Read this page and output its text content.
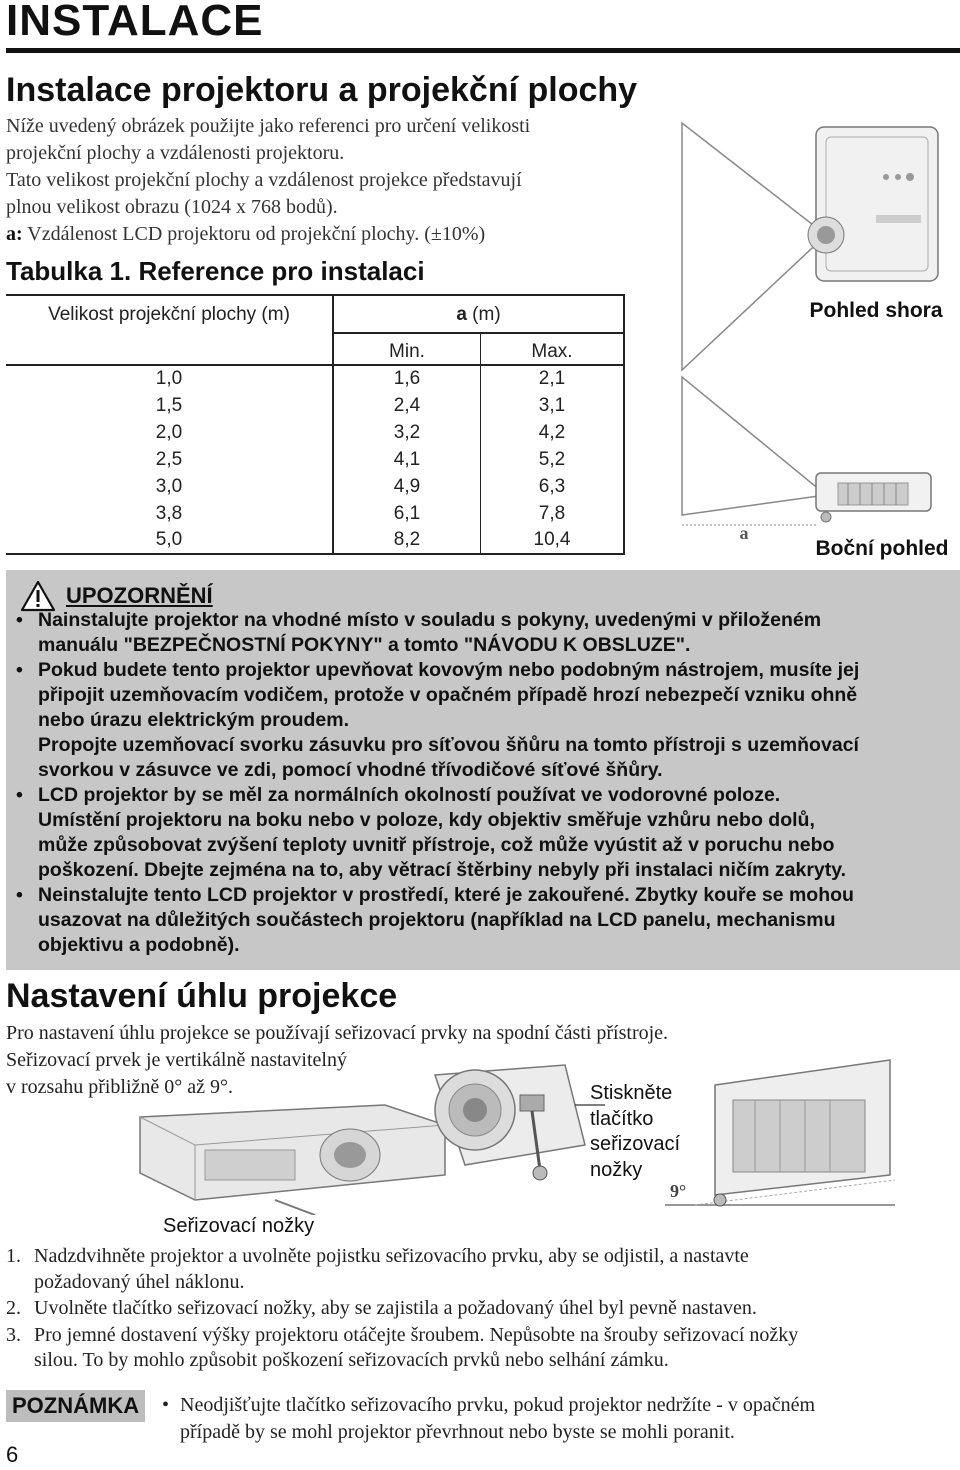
INSTALACE
Instalace projektoru a projekční plochy

Níže uvedený obrázek použijte jako referenci pro určení velikosti

projekční plochy a vzdálenosti projektoru.

Tato velikost projekční plochy a vzdálenost projekce představují

plnou velikost obrazu (1024 x 768 bodů).

a: Vzdálenost LCD projektoru od projekční plochy. (±10%)

Tabulka 1. Reference pro instalaci
Velikost projekční plochy (m)	a (m)	
	Min.	Max.
1,0	1,6	2,1
1,5	2,4	3,1
2,0	3,2	4,2
2,5	4,1	5,2
3,0	4,9	6,3
3,8	6,1	7,8
5,0	8,2	10,4
Pohled shora
a
Boční pohled
UPOZORNĚNÍ
• Nainstalujte projektor na vhodné místo v souladu s pokyny, uvedenými v přiloženém
manuálu "BEZPEČNOSTNÍ POKYNY" a tomto "NÁVODU K OBSLUZE".
• Pokud budete tento projektor upevňovat kovovým nebo podobným nástrojem, musíte jej
připojit uzemňovacím vodičem, protože v opačném případě hrozí nebezpečí vzniku ohně
nebo úrazu elektrickým proudem.
Propojte uzemňovací svorku zásuvku pro síťovou šňůru na tomto přístroji s uzemňovací
svorkou v zásuvce ve zdi, pomocí vhodné třívodičové síťové šňůry.
• LCD projektor by se měl za normálních okolností používat ve vodorovné poloze.
Umístění projektoru na boku nebo v poloze, kdy objektiv směřuje vzhůru nebo dolů,
může způsobovat zvýšení teploty uvnitř přístroje, což může vyústit až v poruchu nebo
poškození. Dbejte zejména na to, aby větrací štěrbiny nebyly při instalaci ničím zakryty.
• Neinstalujte tento LCD projektor v prostředí, které je zakouřené. Zbytky kouře se mohou
usazovat na důležitých součástech projektoru (například na LCD panelu, mechanismu
objektivu a podobně).
Nastavení úhlu projekce

Pro nastavení úhlu projekce se používají seřizovací prvky na spodní části přístroje.

Seřizovací prvek je vertikálně nastavitelný

v rozsahu přibližně 0° až 9°.

9°
Stiskněte
tlačítko
seřizovací
nožky
Seřizovací nožky
1. Nadzdvihněte projektor a uvolněte pojistku seřizovacího prvku, aby se odjistil, a nastavte
požadovaný úhel náklonu.
2. Uvolněte tlačítko seřizovací nožky, aby se zajistila a požadovaný úhel byl pevně nastaven.
3. Pro jemné dostavení výšky projektoru otáčejte šroubem. Nepůsobte na šrouby seřizovací nožky
silou. To by mohlo způsobit poškození seřizovacích prvků nebo selhání zámku.
POZNÁMKA	• Neodjišťujte tlačítko seřizovacího prvku, pokud projektor nedržíte - v opačném
případě by se mohl projektor převrhnout nebo byste se mohli poranit.
6
